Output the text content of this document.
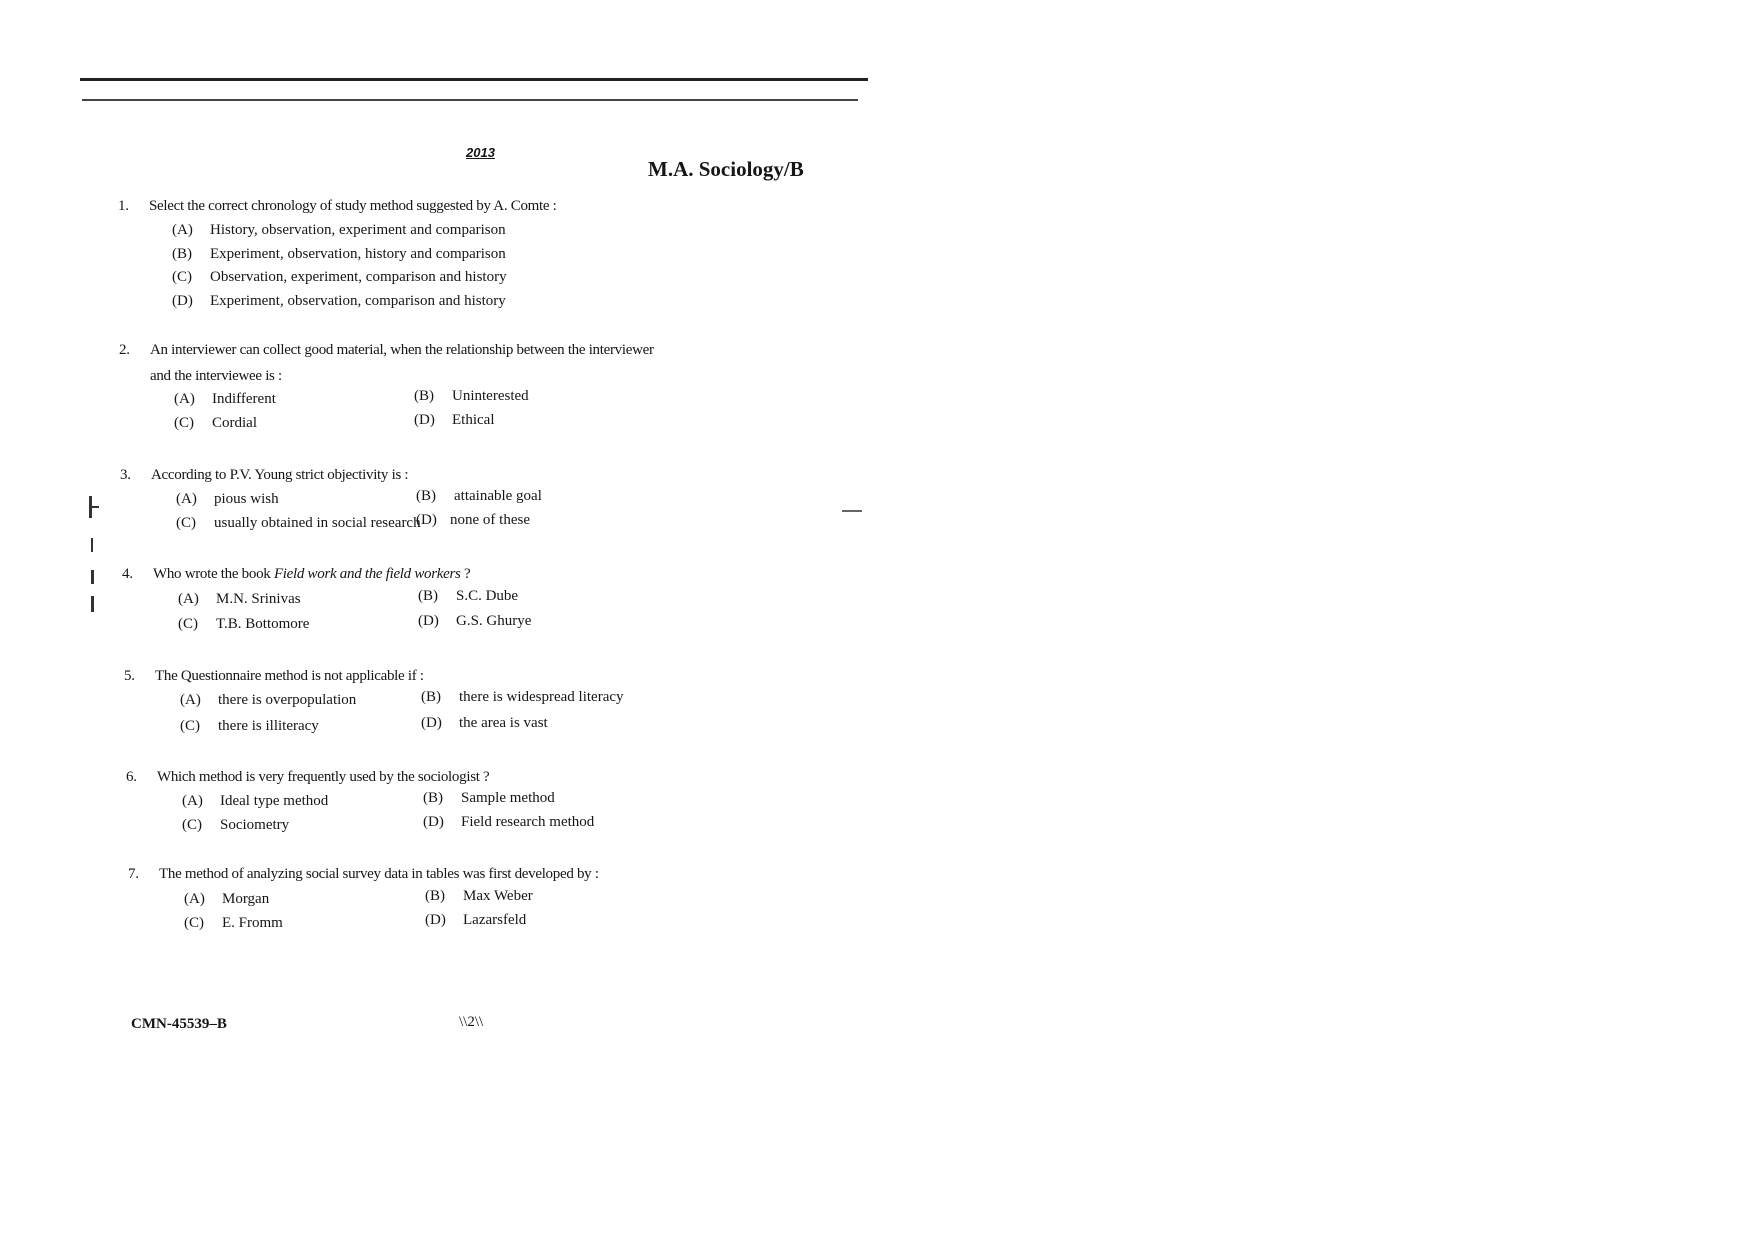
2013
M.A. Sociology/B
1. Select the correct chronology of study method suggested by A. Comte :
(A) History, observation, experiment and comparison
(B) Experiment, observation, history and comparison
(C) Observation, experiment, comparison and history
(D) Experiment, observation, comparison and history
2. An interviewer can collect good material, when the relationship between the interviewer
and the interviewee is :
(A) Indifferent	(B) Uninterested
(C) Cordial	(D) Ethical
3. According to P.V. Young strict objectivity is :
(A) pious wish	(B) attainable goal
(C) usually obtained in social research
(D) none of these
4. Who wrote the book Field work and the field workers ?
(A) M.N. Srinivas	(B) S.C. Dube
(C) T.B. Bottomore	(D) G.S. Ghurye
5. The Questionnaire method is not applicable if :
(A) there is overpopulation	(B) there is widespread literacy
(C) there is illiteracy	(D) the area is vast
6. Which method is very frequently used by the sociologist ?
(A) Ideal type method	(B) Sample method
(C) Sociometry	(D) Field research method
7. The method of analyzing social survey data in tables was first developed by :
(A) Morgan	(B) Max Weber
(C) E. Fromm	(D) Lazarsfeld
CMN-45539–B	\\2\\
